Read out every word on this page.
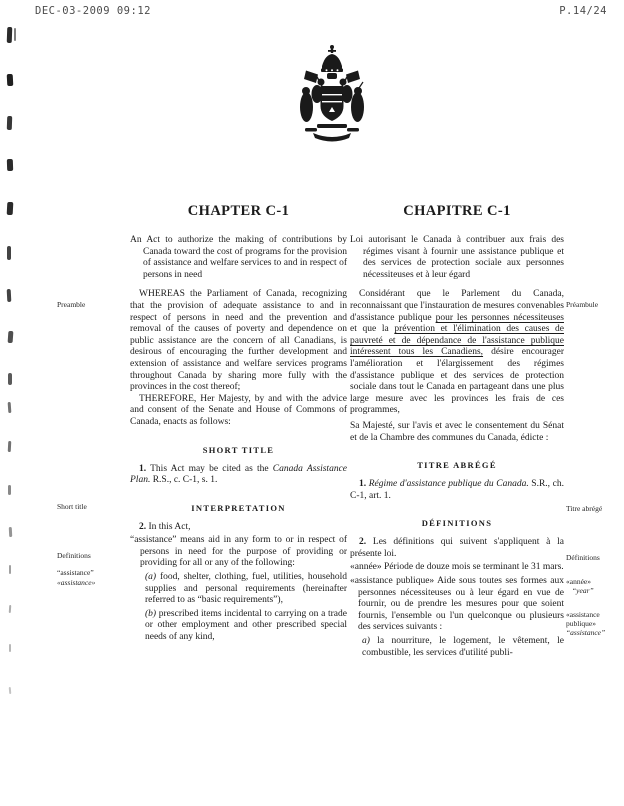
DEC-03-2009 09:12	P.14/24
CHAPTER C-1

An Act to authorize the making of contributions by Canada toward the cost of programs for the provision of assistance and welfare services to and in respect of persons in need

WHEREAS the Parliament of Canada, recognizing that the provision of adequate assistance to and in respect of persons in need and the prevention and removal of the causes of poverty and dependence on public assistance are the concern of all Canadians, is desirous of encouraging the further development and extension of assistance and welfare services programs throughout Canada by sharing more fully with the provinces in the cost thereof;

THEREFORE, Her Majesty, by and with the advice and consent of the Senate and House of Commons of Canada, enacts as follows:

SHORT TITLE

1. This Act may be cited as the Canada Assistance Plan. R.S., c. C-1, s. 1.

INTERPRETATION

2. In this Act,

“assistance” means aid in any form to or in respect of persons in need for the purpose of providing or providing for all or any of the following:

(a) food, shelter, clothing, fuel, utilities, household supplies and personal requirements (hereinafter referred to as “basic requirements”),

(b) prescribed items incidental to carrying on a trade or other employment and other prescribed special needs of any kind,

CHAPITRE C-1

Loi autorisant le Canada à contribuer aux frais des régimes visant à fournir une assistance publique et des services de protection sociale aux personnes nécessiteuses et à leur égard

Considérant que le Parlement du Canada, reconnaissant que l'instauration de mesures convenables d'assistance publique pour les personnes nécessiteuses et que la prévention et l'élimination des causes de pauvreté et de dépendance de l'assistance publique intéressent tous les Canadiens, désire encourager l'amélioration et l'élargissement des régimes d'assistance publique et des services de protection sociale dans tout le Canada en partageant dans une plus large mesure avec les provinces les frais de ces programmes,

Sa Majesté, sur l'avis et avec le consentement du Sénat et de la Chambre des communes du Canada, édicte :

TITRE ABRÉGÉ

1. Régime d'assistance publique du Canada. S.R., ch. C-1, art. 1.

DÉFINITIONS

2. Les définitions qui suivent s'appliquent à la présente loi.

«année» Période de douze mois se terminant le 31 mars.

«assistance publique» Aide sous toutes ses formes aux personnes nécessiteuses ou à leur égard en vue de fournir, ou de prendre les mesures pour que soient fournis, l'ensemble ou l'un quelconque ou plusieurs des services suivants :

a) la nourriture, le logement, le vêtement, le combustible, les services d'utilité publi-

Preamble
Short title
Definitions
“assistance”
«assistance»
Préambule
Titre abrégé
Définitions
«année»
“year”
«assistance
publique»
“assistance”
